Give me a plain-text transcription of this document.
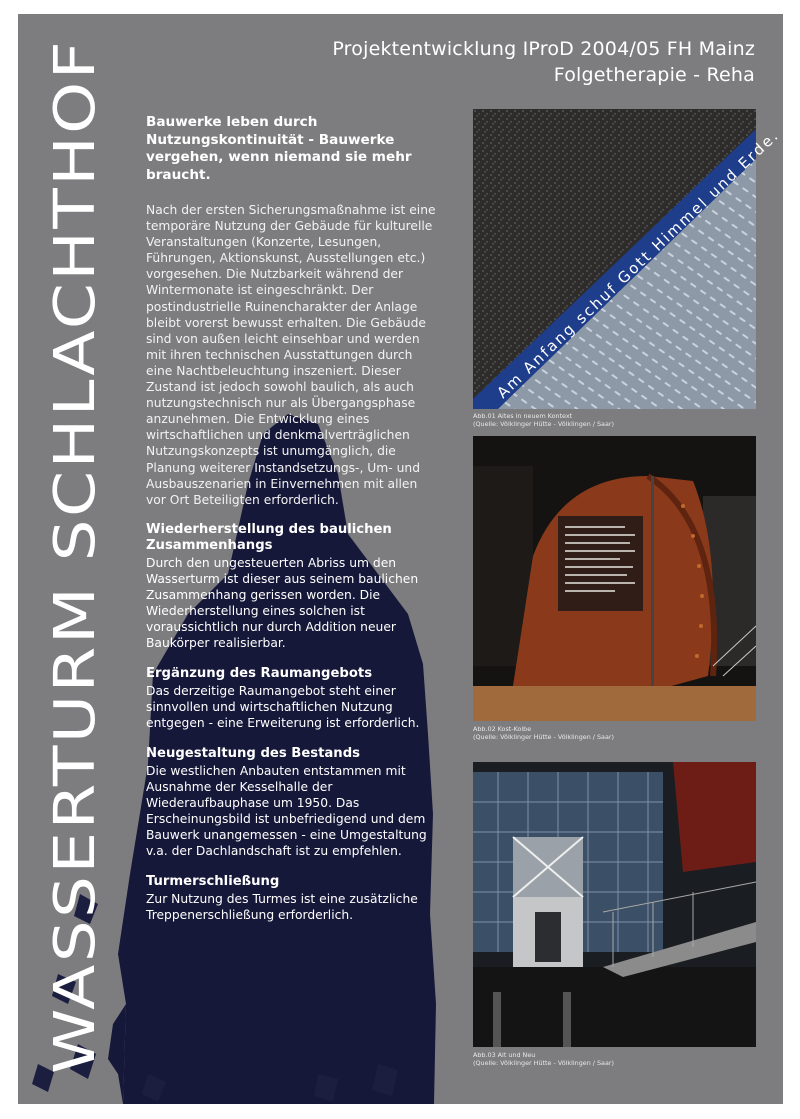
WASSERTURM SCHLACHTHOF
Projektentwicklung IProD 2004/05 FH Mainz
Folgetherapie - Reha

Bauwerke leben durch Nutzungskontinuität - Bauwerke vergehen, wenn niemand sie mehr braucht.

Nach der ersten Sicherungsmaßnahme ist eine temporäre Nutzung der Gebäude für kulturelle Veranstaltungen (Konzerte, Lesungen, Führungen, Aktionskunst, Ausstellungen etc.) vorgesehen. Die Nutzbarkeit während der Wintermonate ist eingeschränkt. Der postindustrielle Ruinencharakter der Anlage bleibt vorerst bewusst erhalten. Die Gebäude sind von außen leicht einsehbar und werden mit ihren technischen Ausstattungen durch eine Nachtbeleuchtung inszeniert. Dieser Zustand ist jedoch sowohl baulich, als auch nutzungstechnisch nur als Übergangsphase anzunehmen. Die Entwicklung eines wirtschaftlichen und denkmalverträglichen Nutzungskonzepts ist unumgänglich, die Planung weiterer Instandsetzungs-, Um- und Ausbauszenarien in Einvernehmen mit allen vor Ort Beteiligten erforderlich.

Wiederherstellung des baulichen Zusammenhangs

Durch den ungesteuerten Abriss um den Wasserturm ist dieser aus seinem baulichen Zusammenhang gerissen worden. Die Wiederherstellung eines solchen ist voraussichtlich nur durch Addition neuer Baukörper realisierbar.

Ergänzung des Raumangebots

Das derzeitige Raumangebot steht einer sinnvollen und wirtschaftlichen Nutzung entgegen - eine Erweiterung ist erforderlich.

Neugestaltung des Bestands

Die westlichen Anbauten entstammen mit Ausnahme der Kesselhalle der Wiederaufbauphase um 1950. Das Erscheinungsbild ist unbefriedigend und dem Bauwerk unangemessen - eine Umgestaltung v.a. der Dachlandschaft ist zu empfehlen.

Turmerschließung

Zur Nutzung des Turmes ist eine zusätzliche Treppenerschließung erforderlich.

Am Anfang schuf Gott Himmel und Erde.
Abb.01 Altes in neuem Kontext
(Quelle: Völklinger Hütte - Völklingen / Saar)
Abb.02 Kost-Kolbe
(Quelle: Völklinger Hütte - Völklingen / Saar)
Abb.03 Alt und Neu
(Quelle: Völklinger Hütte - Völklingen / Saar)
